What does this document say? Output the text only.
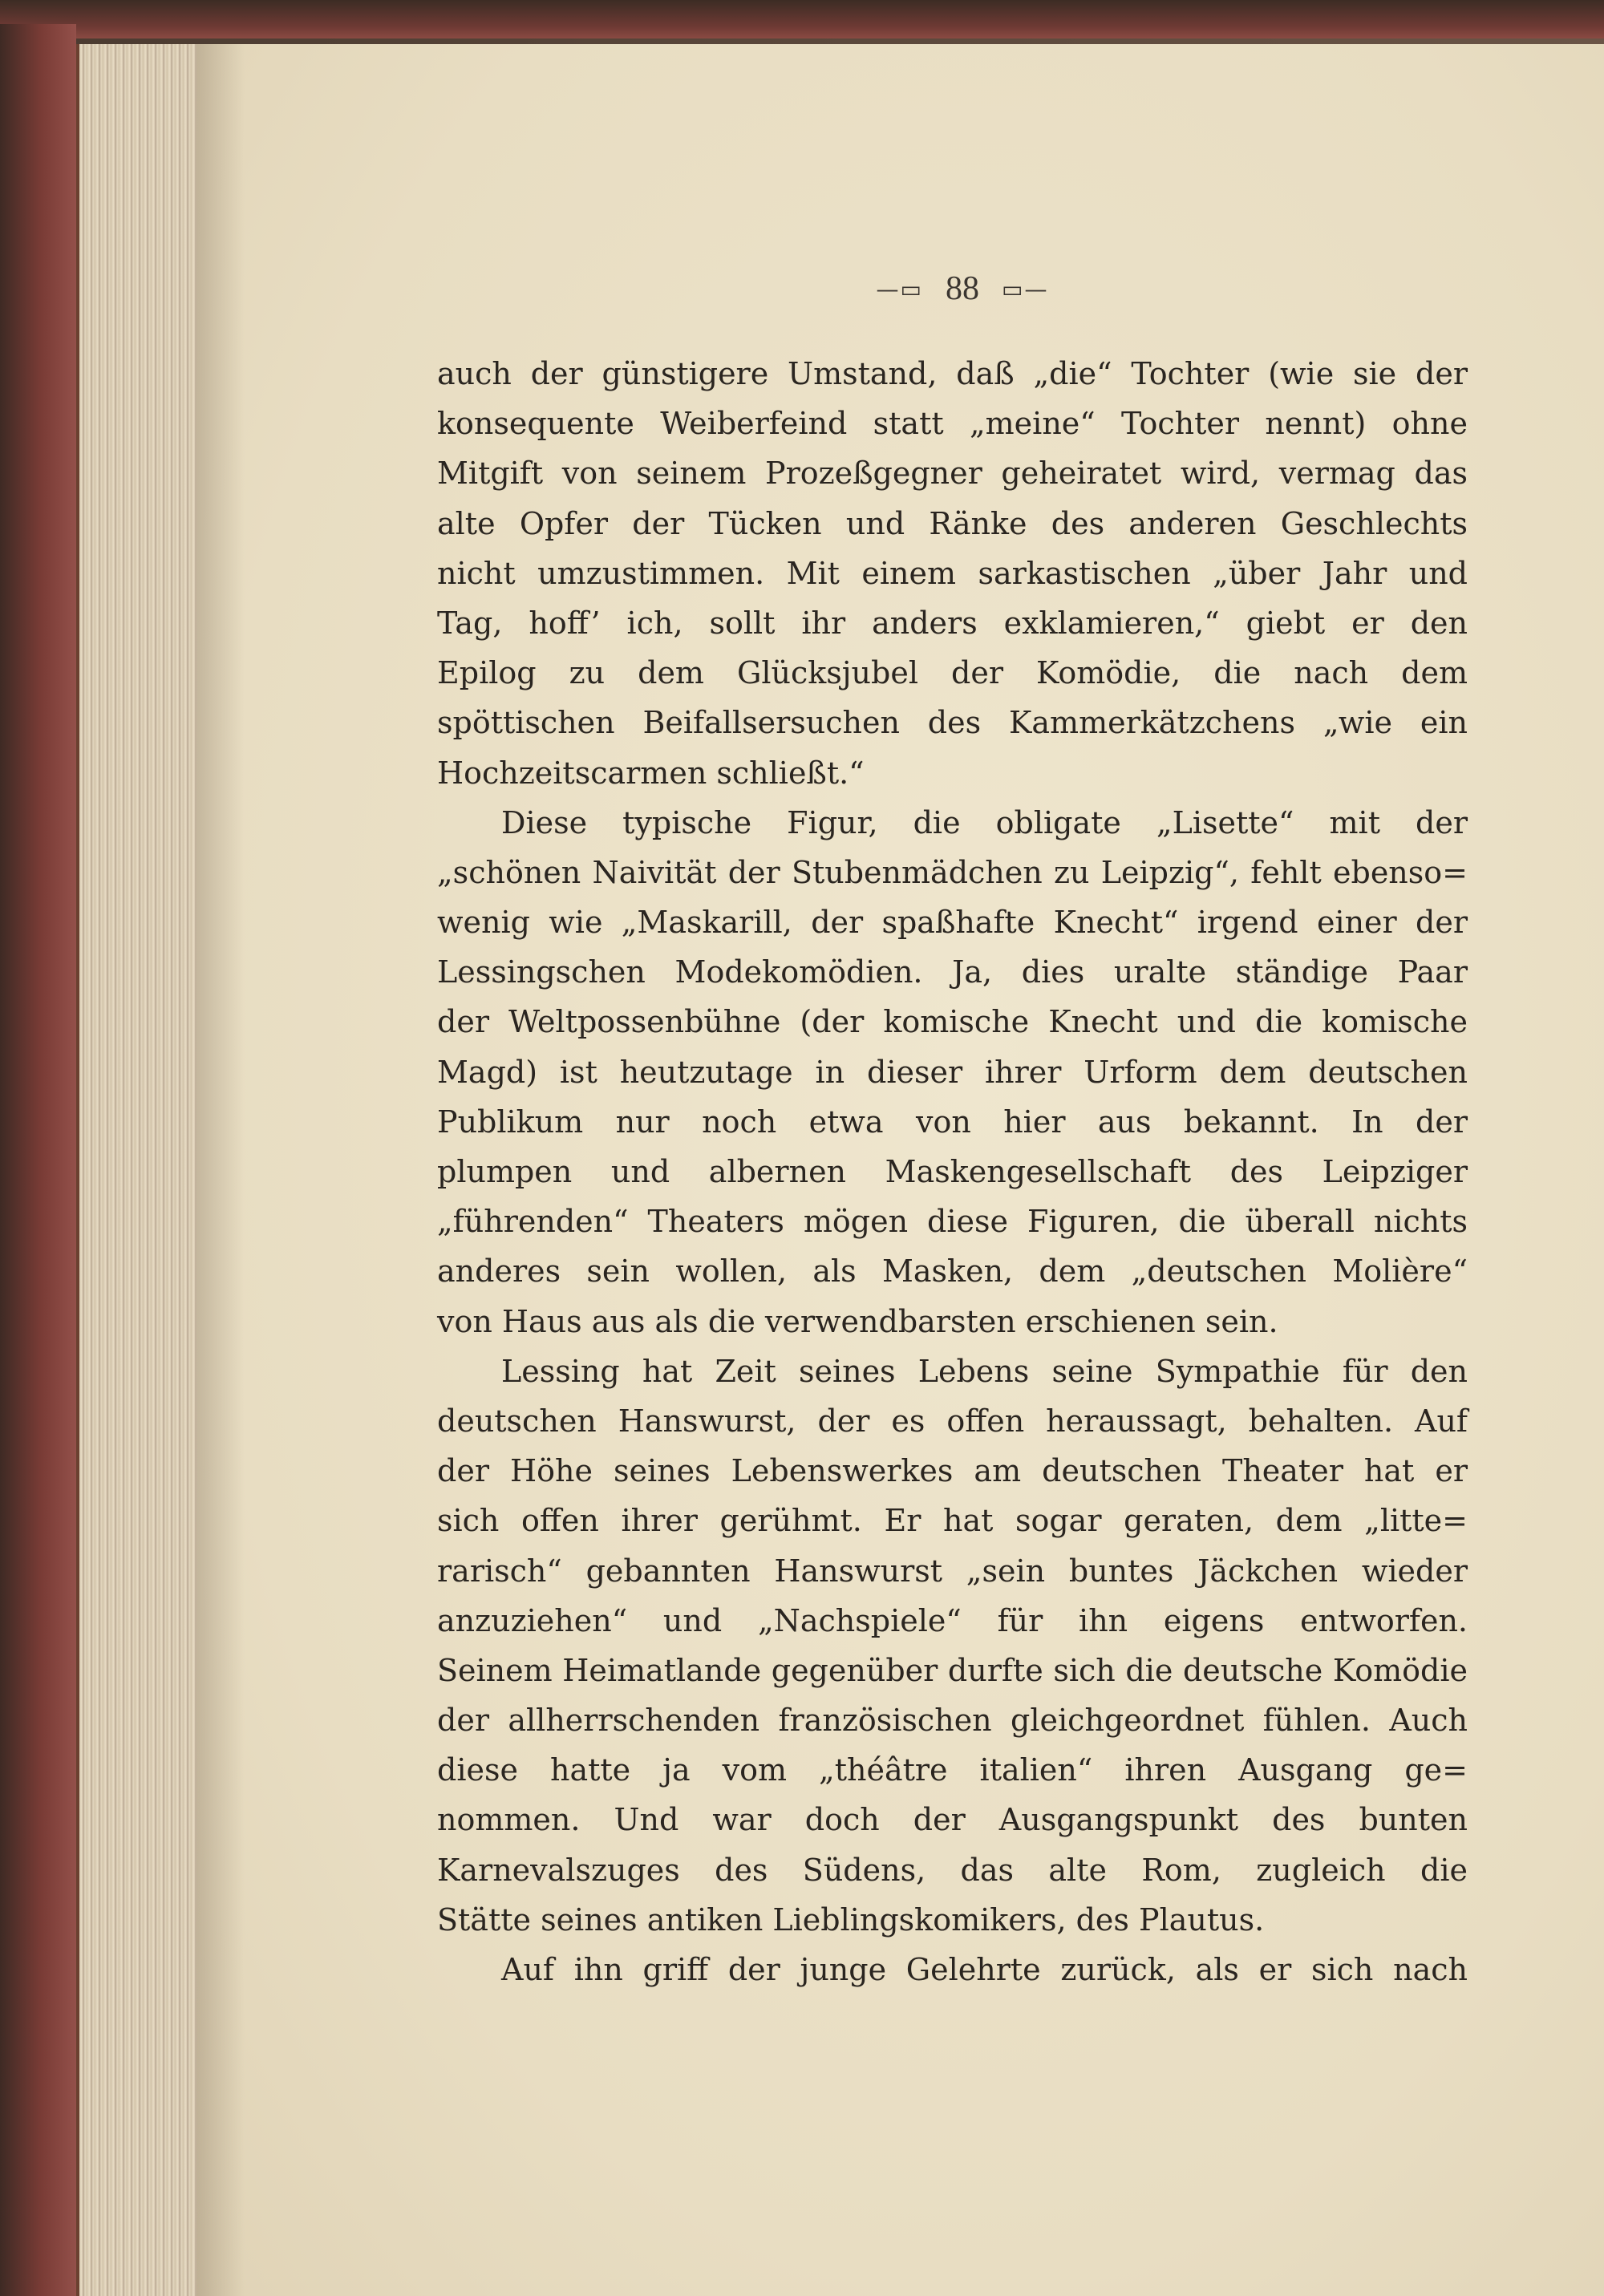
—▭ 88 ▭—
auch der günstigere Umstand, daß „die“ Tochter (wie sie der
konsequente Weiberfeind statt „meine“ Tochter nennt) ohne
Mitgift von seinem Prozeßgegner geheiratet wird, vermag das
alte Opfer der Tücken und Ränke des anderen Geschlechts
nicht umzustimmen. Mit einem sarkastischen „über Jahr und
Tag, hoff’ ich, sollt ihr anders exklamieren,“ giebt er den
Epilog zu dem Glücksjubel der Komödie, die nach dem
spöttischen Beifallsersuchen des Kammerkätzchens „wie ein
Hochzeitscarmen schließt.“
Diese typische Figur, die obligate „Lisette“ mit der
„schönen Naivität der Stubenmädchen zu Leipzig“, fehlt ebenso=
wenig wie „Maskarill, der spaßhafte Knecht“ irgend einer der
Lessingschen Modekomödien. Ja, dies uralte ständige Paar
der Weltpossenbühne (der komische Knecht und die komische
Magd) ist heutzutage in dieser ihrer Urform dem deutschen
Publikum nur noch etwa von hier aus bekannt. In der
plumpen und albernen Maskengesellschaft des Leipziger
„führenden“ Theaters mögen diese Figuren, die überall nichts
anderes sein wollen, als Masken, dem „deutschen Molière“
von Haus aus als die verwendbarsten erschienen sein.
Lessing hat Zeit seines Lebens seine Sympathie für den
deutschen Hanswurst, der es offen heraussagt, behalten. Auf
der Höhe seines Lebenswerkes am deutschen Theater hat er
sich offen ihrer gerühmt. Er hat sogar geraten, dem „litte=
rarisch“ gebannten Hanswurst „sein buntes Jäckchen wieder
anzuziehen“ und „Nachspiele“ für ihn eigens entworfen.
Seinem Heimatlande gegenüber durfte sich die deutsche Komödie
der allherrschenden französischen gleichgeordnet fühlen. Auch
diese hatte ja vom „théâtre italien“ ihren Ausgang ge=
nommen. Und war doch der Ausgangspunkt des bunten
Karnevalszuges des Südens, das alte Rom, zugleich die
Stätte seines antiken Lieblingskomikers, des Plautus.
Auf ihn griff der junge Gelehrte zurück, als er sich nach
